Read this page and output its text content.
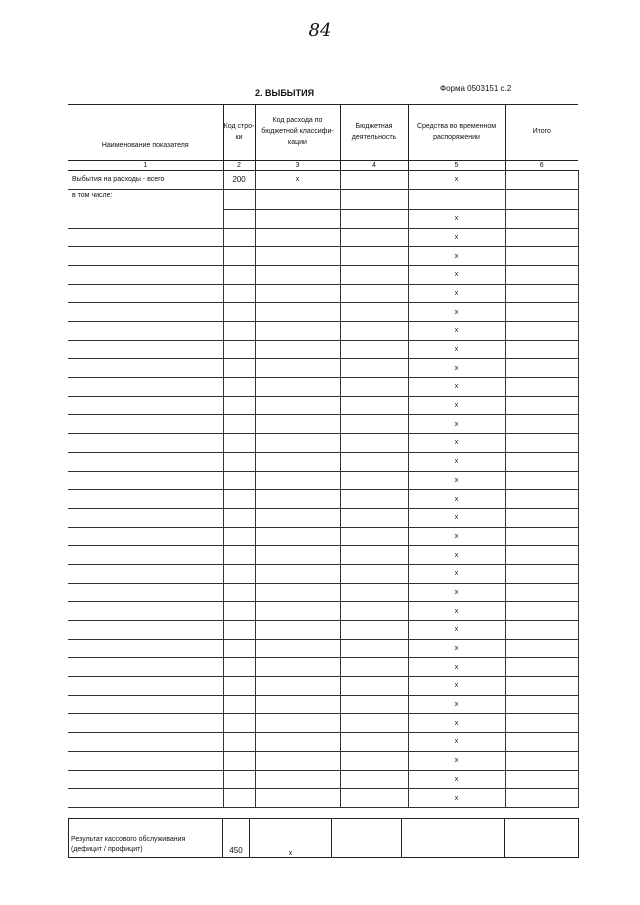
84
Форма 0503151 с.2
2. ВЫБЫТИЯ
Наименование показателя	Код стро- ки	Код расхода по бюджетной классифи- кации	Бюджетная деятельность	Средства во временном распоряжении	Итого
1	2	3	4	5	6
Выбытия на расходы - всего	200	x		x	
в том числе:					
				x	
				x	
				x	
				x	
				x	
				x	
				x	
				x	
				x	
				x	
				x	
				x	
				x	
				x	
				x	
				x	
				x	
				x	
				x	
				x	
				x	
				x	
				x	
				x	
				x	
				x	
				x	
				x	
				x	
				x	
				x	
				x	
Результат кассового обслуживания
(дефицит / профицит)	450	x			
